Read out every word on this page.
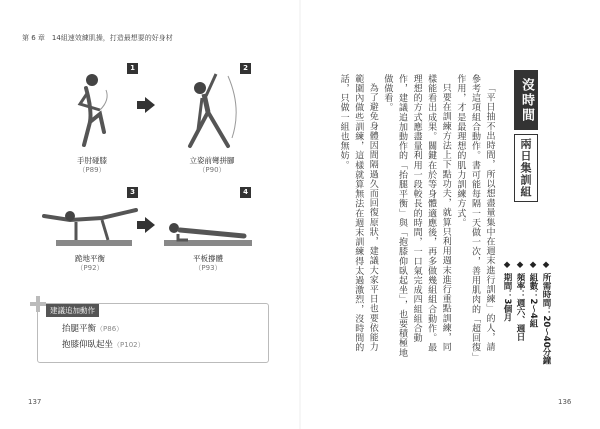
第 6 章　14組速效練肌操，打造最想要的好身材
1
手肘碰膝
（P89）
2
立姿前彎拼腳
（P90）
3
跪地平衡
（P92）
4
平板撐體
（P93）
建議追加動作
抬腿平衡（P86）
抱膝仰臥起坐（P102）
137
沒時間
兩日集訓組
◆ 所需時間：20〜40分鐘
◆ 組數：2〜4組
◆ 頻率：週六、週日
◆ 期間：3個月

「平日抽不出時間，所以想盡量集中在週末進行訓練」的人，請參考這項組合動作。書可能每隔一天做一次，善用肌肉的「超回復」作用，才是最理想的肌力訓練方式。

只要在訓練方法上下點功夫，就算只利用週末進行重點訓練，同樣能看出成果。關鍵在於等身體適應後，再多做幾組組合動作。最理想的方式應盡量利用一段較長的時間，一口氣完成四組組合動作，建議追加動作的「抬腿平衡」與「抱膝仰臥起坐」，也要積極地做做看。

為了避免身體因間隔過久而回復原狀，建議大家平日也要依能力範圍內做些訓練，這樣就算無法在週末訓練得太過激烈，沒時間的話，只做一組也無妨。

136
